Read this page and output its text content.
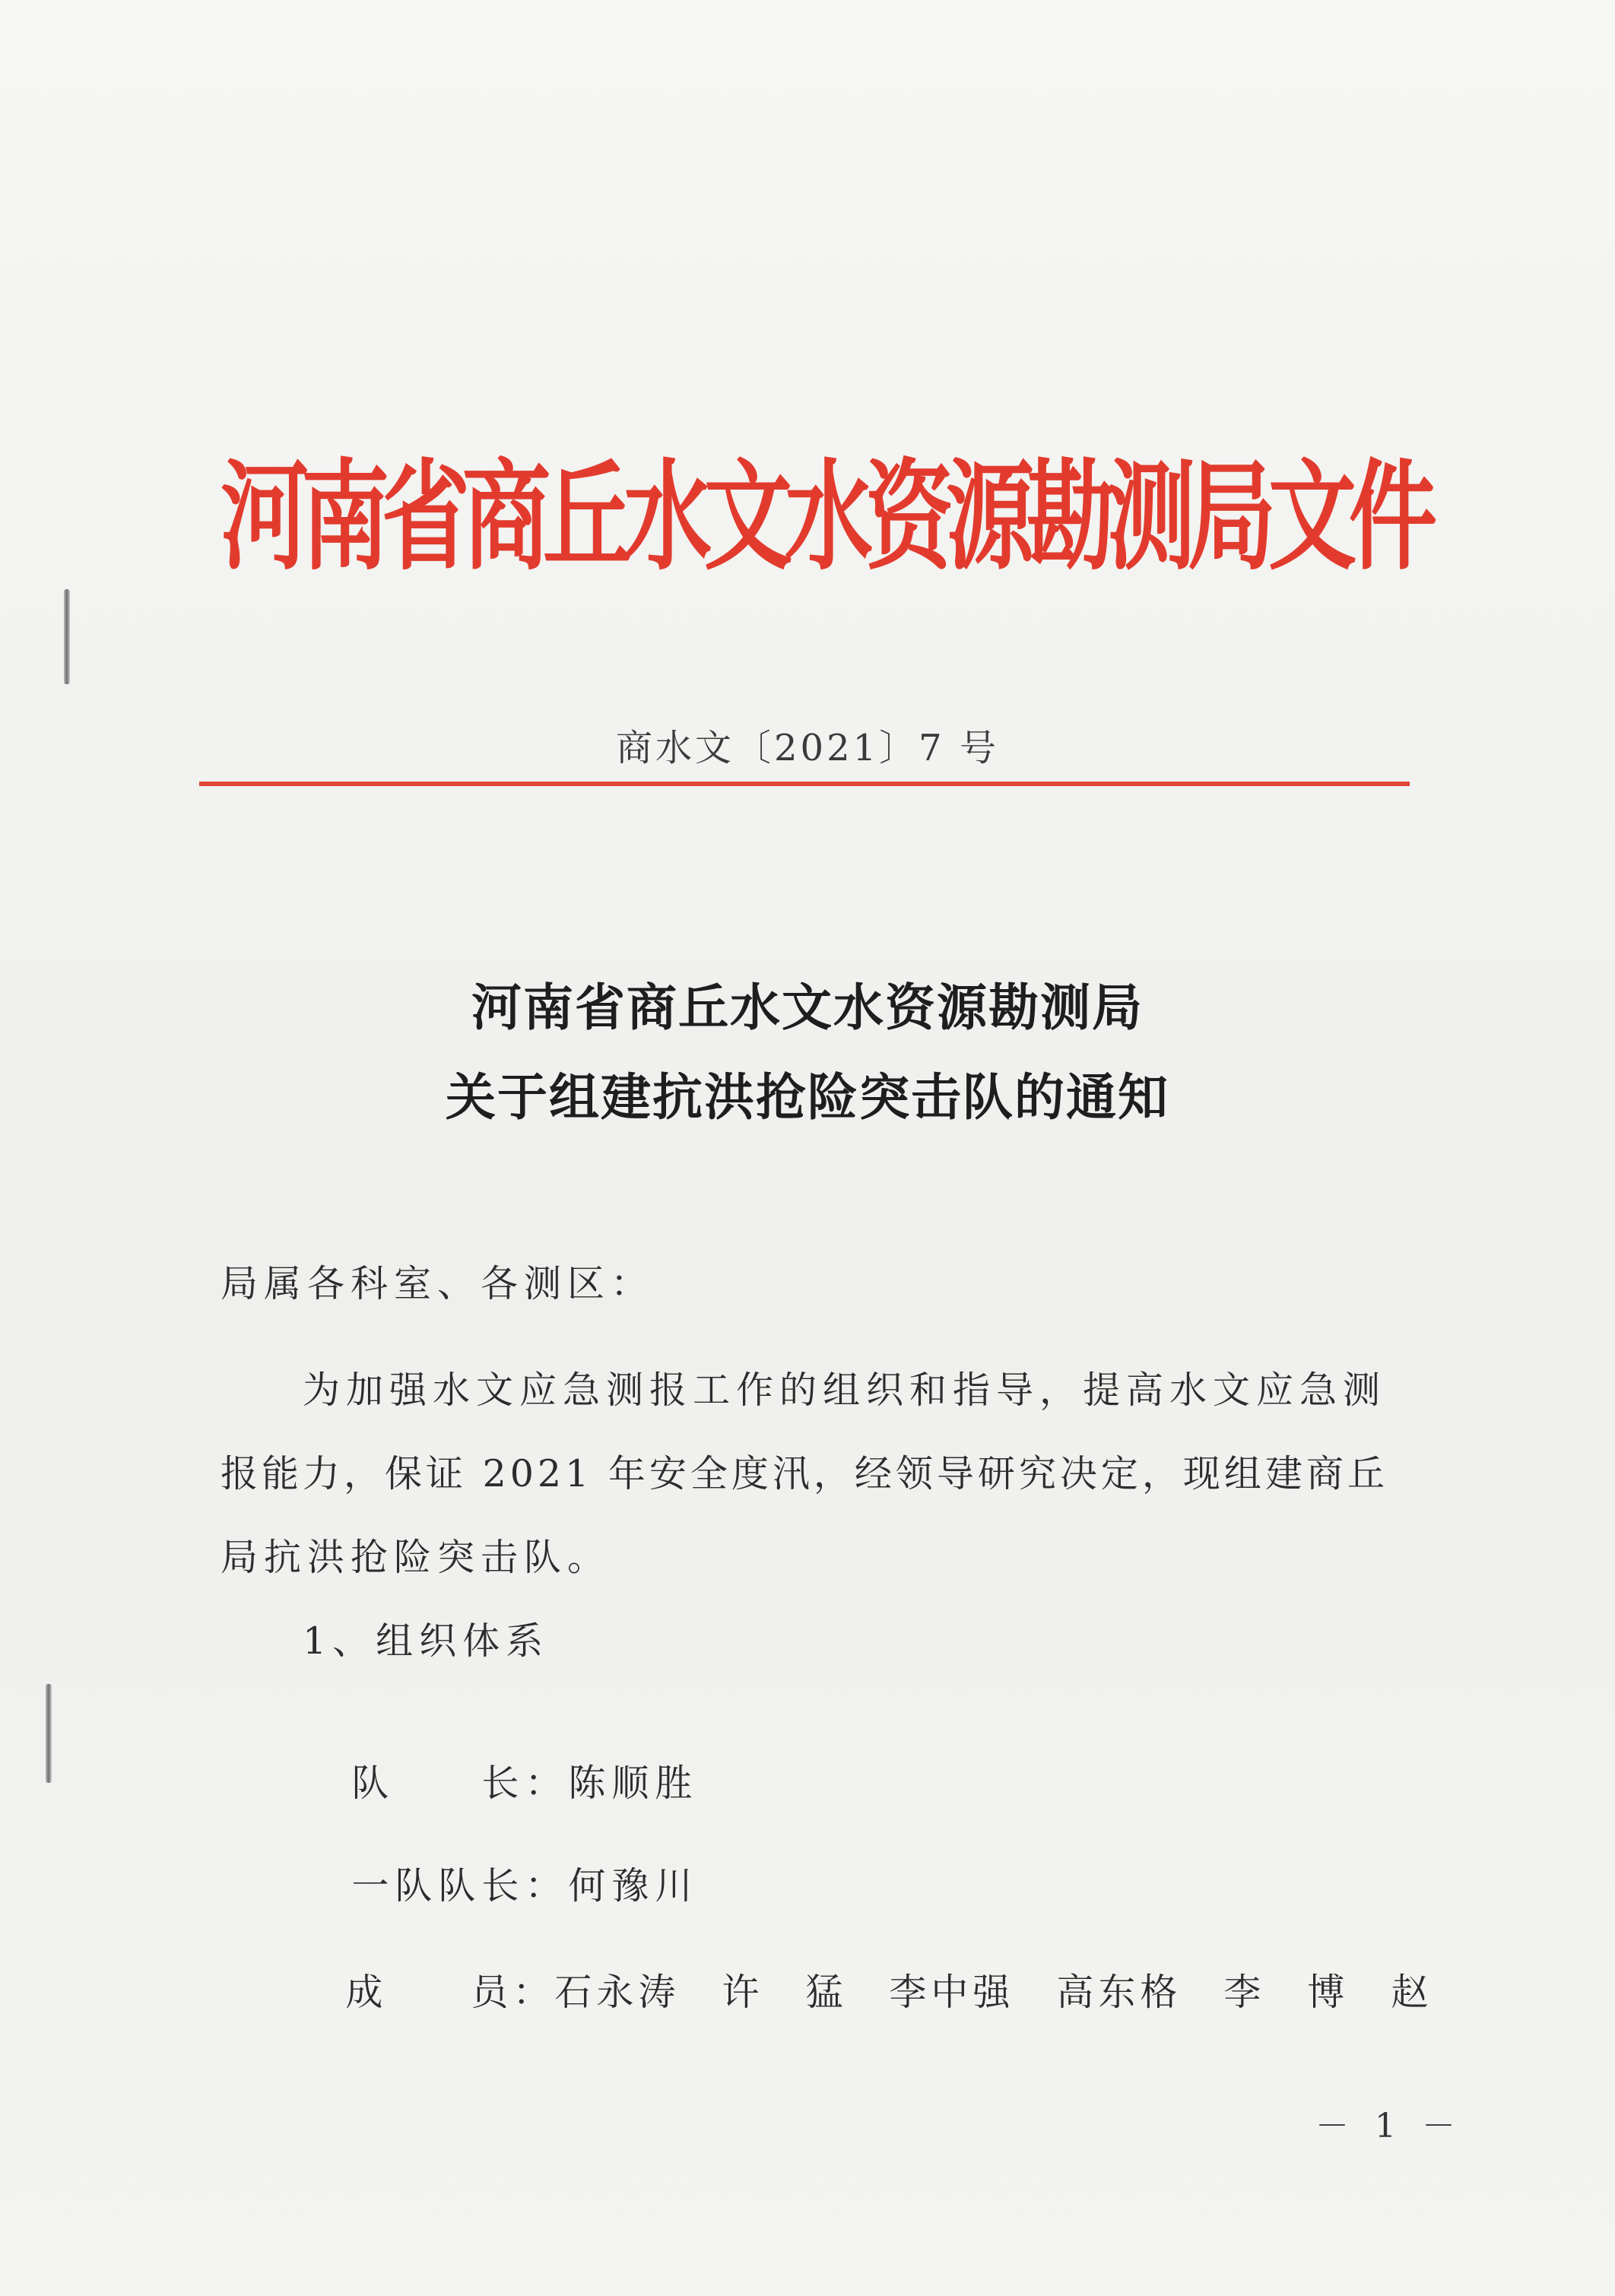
河南省商丘水文水资源勘测局文件
商水文〔2021〕7 号
河南省商丘水文水资源勘测局
关于组建抗洪抢险突击队的通知
局属各科室、各测区：
为加强水文应急测报工作的组织和指导，提高水文应急测
报能力，保证 2021 年安全度汛，经领导研究决定，现组建商丘
局抗洪抢险突击队。
1、组织体系

队　　长：陈顺胜

一队队长：何豫川

成　　员：石永涛　许　猛　李中强　高东格　李　博　赵

－ 1 －
